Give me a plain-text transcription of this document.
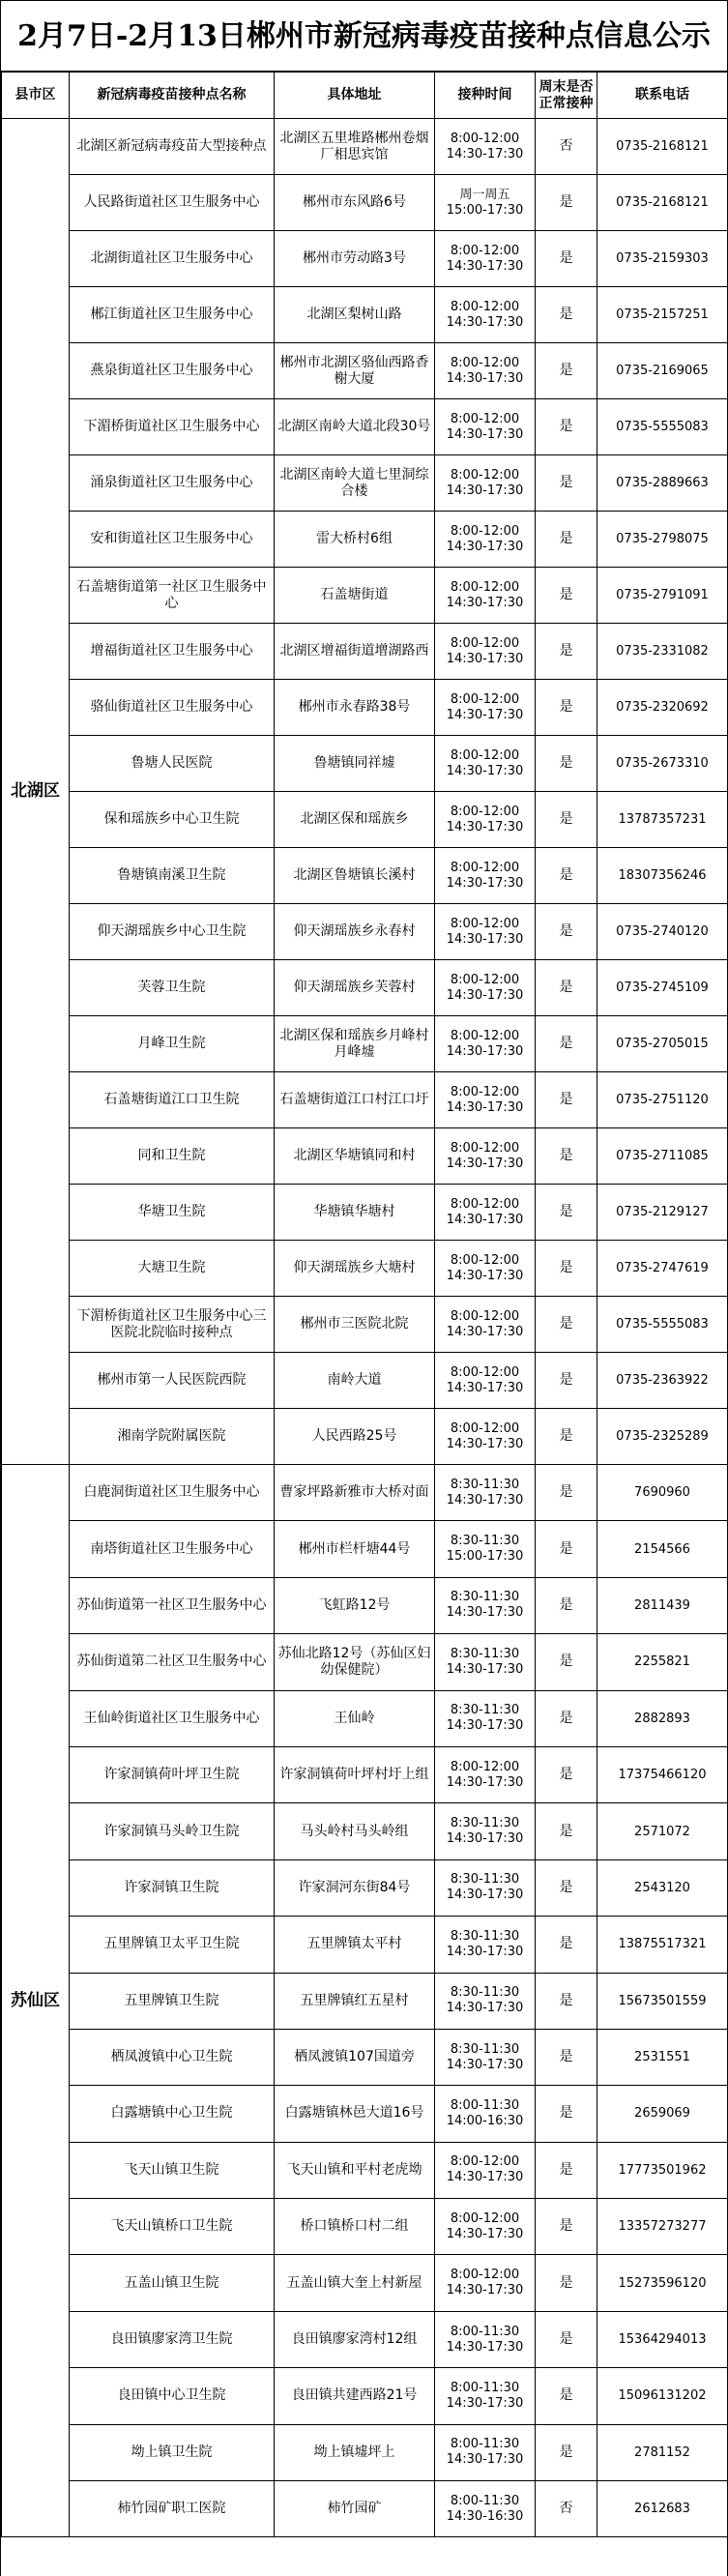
2月7日-2月13日郴州市新冠病毒疫苗接种点信息公示
县市区	新冠病毒疫苗接种点名称	具体地址	接种时间	周末是否正常接种	联系电话
北湖区	北湖区新冠病毒疫苗大型接种点	北湖区五里堆路郴州卷烟厂相思宾馆	8:00-12:00
14:30-17:30	否	0735-2168121
	人民路街道社区卫生服务中心	郴州市东风路6号	周一周五
15:00-17:30	是	0735-2168121
	北湖街道社区卫生服务中心	郴州市劳动路3号	8:00-12:00
14:30-17:30	是	0735-2159303
	郴江街道社区卫生服务中心	北湖区梨树山路	8:00-12:00
14:30-17:30	是	0735-2157251
	燕泉街道社区卫生服务中心	郴州市北湖区骆仙西路香榭大厦	8:00-12:00
14:30-17:30	是	0735-2169065
	下湄桥街道社区卫生服务中心	北湖区南岭大道北段30号	8:00-12:00
14:30-17:30	是	0735-5555083
	涌泉街道社区卫生服务中心	北湖区南岭大道七里洞综合楼	8:00-12:00
14:30-17:30	是	0735-2889663
	安和街道社区卫生服务中心	雷大桥村6组	8:00-12:00
14:30-17:30	是	0735-2798075
	石盖塘街道第一社区卫生服务中心	石盖塘街道	8:00-12:00
14:30-17:30	是	0735-2791091
	增福街道社区卫生服务中心	北湖区增福街道增湖路西	8:00-12:00
14:30-17:30	是	0735-2331082
	骆仙街道社区卫生服务中心	郴州市永春路38号	8:00-12:00
14:30-17:30	是	0735-2320692
	鲁塘人民医院	鲁塘镇同祥墟	8:00-12:00
14:30-17:30	是	0735-2673310
	保和瑶族乡中心卫生院	北湖区保和瑶族乡	8:00-12:00
14:30-17:30	是	13787357231
	鲁塘镇南溪卫生院	北湖区鲁塘镇长溪村	8:00-12:00
14:30-17:30	是	18307356246
	仰天湖瑶族乡中心卫生院	仰天湖瑶族乡永春村	8:00-12:00
14:30-17:30	是	0735-2740120
	芙蓉卫生院	仰天湖瑶族乡芙蓉村	8:00-12:00
14:30-17:30	是	0735-2745109
	月峰卫生院	北湖区保和瑶族乡月峰村月峰墟	8:00-12:00
14:30-17:30	是	0735-2705015
	石盖塘街道江口卫生院	石盖塘街道江口村江口圩	8:00-12:00
14:30-17:30	是	0735-2751120
	同和卫生院	北湖区华塘镇同和村	8:00-12:00
14:30-17:30	是	0735-2711085
	华塘卫生院	华塘镇华塘村	8:00-12:00
14:30-17:30	是	0735-2129127
	大塘卫生院	仰天湖瑶族乡大塘村	8:00-12:00
14:30-17:30	是	0735-2747619
	下湄桥街道社区卫生服务中心三医院北院临时接种点	郴州市三医院北院	8:00-12:00
14:30-17:30	是	0735-5555083
	郴州市第一人民医院西院	南岭大道	8:00-12:00
14:30-17:30	是	0735-2363922
	湘南学院附属医院	人民西路25号	8:00-12:00
14:30-17:30	是	0735-2325289
苏仙区	白鹿洞街道社区卫生服务中心	曹家坪路新雅市大桥对面	8:30-11:30
14:30-17:30	是	7690960
	南塔街道社区卫生服务中心	郴州市栏杆塘44号	8:30-11:30
15:00-17:30	是	2154566
	苏仙街道第一社区卫生服务中心	飞虹路12号	8:30-11:30
14:30-17:30	是	2811439
	苏仙街道第二社区卫生服务中心	苏仙北路12号（苏仙区妇幼保健院）	8:30-11:30
14:30-17:30	是	2255821
	王仙岭街道社区卫生服务中心	王仙岭	8:30-11:30
14:30-17:30	是	2882893
	许家洞镇荷叶坪卫生院	许家洞镇荷叶坪村圩上组	8:00-12:00
14:30-17:30	是	17375466120
	许家洞镇马头岭卫生院	马头岭村马头岭组	8:30-11:30
14:30-17:30	是	2571072
	许家洞镇卫生院	许家洞河东街84号	8:30-11:30
14:30-17:30	是	2543120
	五里牌镇卫太平卫生院	五里牌镇太平村	8:30-11:30
14:30-17:30	是	13875517321
	五里牌镇卫生院	五里牌镇红五星村	8:30-11:30
14:30-17:30	是	15673501559
	栖凤渡镇中心卫生院	栖凤渡镇107国道旁	8:30-11:30
14:30-17:30	是	2531551
	白露塘镇中心卫生院	白露塘镇林邑大道16号	8:00-11:30
14:00-16:30	是	2659069
	飞天山镇卫生院	飞天山镇和平村老虎坳	8:00-12:00
14:30-17:30	是	17773501962
	飞天山镇桥口卫生院	桥口镇桥口村二组	8:00-12:00
14:30-17:30	是	13357273277
	五盖山镇卫生院	五盖山镇大奎上村新屋	8:00-12:00
14:30-17:30	是	15273596120
	良田镇廖家湾卫生院	良田镇廖家湾村12组	8:00-11:30
14:30-17:30	是	15364294013
	良田镇中心卫生院	良田镇共建西路21号	8:00-11:30
14:30-17:30	是	15096131202
	坳上镇卫生院	坳上镇墟坪上	8:00-11:30
14:30-17:30	是	2781152
	柿竹园矿职工医院	柿竹园矿	8:00-11:30
14:30-16:30	否	2612683
